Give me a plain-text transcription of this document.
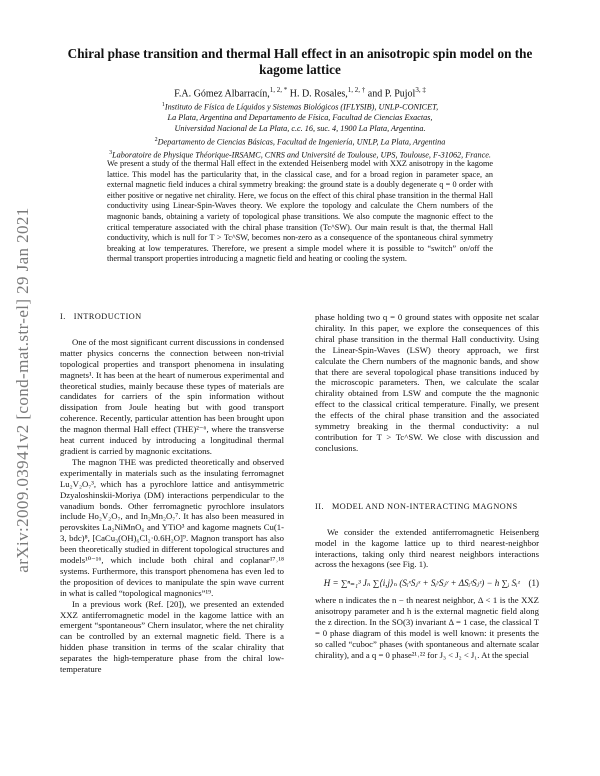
arXiv:2009.03941v2 [cond-mat.str-el] 29 Jan 2021
Chiral phase transition and thermal Hall effect in an anisotropic spin model on the kagome lattice

F.A. Gómez Albarracín,$^{1, 2, *}$ H. D. Rosales,$^{1, 2, \dagger}$ and P. Pujol$^{3, \ddagger}$

$^1$Instituto de Física de Líquidos y Sistemas Biológicos (IFLYSIB), UNLP-CONICET,
La Plata, Argentina and Departamento de Física, Facultad de Ciencias Exactas,
Universidad Nacional de La Plata, c.c. 16, suc. 4, 1900 La Plata, Argentina.
$^2$Departamento de Ciencias Básicas, Facultad de Ingeniería, UNLP, La Plata, Argentina
$^3$Laboratoire de Physique Théorique-IRSAMC, CNRS and Université de Toulouse, UPS, Toulouse, F-31062, France.

We present a study of the thermal Hall effect in the extended Heisenberg model with XXZ anisotropy in the kagome lattice. This model has the particularity that, in the classical case, and for a broad region in parameter space, an external magnetic field induces a chiral symmetry breaking: the ground state is a doubly degenerate q = 0 order with either positive or negative net chirality. Here, we focus on the effect of this chiral phase transition in the thermal Hall conductivity using Linear-Spin-Waves theory. We explore the topology and calculate the Chern numbers of the magnonic bands, obtaining a variety of topological phase transitions. We also compute the magnonic effect to the critical temperature associated with the chiral phase transition (Tc^SW). Our main result is that, the thermal Hall conductivity, which is null for T > Tc^SW, becomes non-zero as a consequence of the spontaneous chiral symmetry breaking at low temperatures. Therefore, we present a simple model where it is possible to “switch” on/off the thermal transport properties introducing a magnetic field and heating or cooling the system.

I. INTRODUCTION

One of the most significant current discussions in condensed matter physics concerns the connection between non-trivial topological properties and transport phenomena in insulating magnets¹. It has been at the heart of numerous experimental and theoretical studies, mainly because these types of materials are candidates for carriers of the spin information without dissipation from Joule heating but with good transport coherence. Recently, particular attention has been brought upon the magnon thermal Hall effect (THE)²⁻⁶, where the transverse heat current induced by introducing a longitudinal thermal gradient is carried by magnonic excitations.

The magnon THE was predicted theoretically and observed experimentally in materials such as the insulating ferromagnet Lu₂V₂O₇³, which has a pyrochlore lattice and antisymmetric Dzyaloshinskii-Moriya (DM) interactions perpendicular to the vanadium bonds. Other ferromagnetic pyrochlore insulators include Ho₂V₂O₇, and In₂Mn₂O₇⁷. It has also been measured in perovskites La₂NiMnO₆ and YTiO³ and kagome magnets Cu(1-3, bdc)⁸, [CaCu₃(OH)₆Cl₂·0.6H₂O]⁹. Magnon transport has also been theoretically studied in different topological structures and models¹⁰⁻¹⁶, which include both chiral and coplanar¹⁷˒¹⁸ systems. Furthermore, this transport phenomena has even led to the proposition of devices to manipulate the spin wave current in what is called “topological magnonics”¹⁹.

In a previous work (Ref. [20]), we presented an extended XXZ antiferromagnetic model in the kagome lattice with an emergent “spontaneous” Chern insulator, where the net chirality can be controlled by an external magnetic field. There is a hidden phase transition in terms of the scalar chirality that separates the high-temperature phase from the chiral low-temperature

phase holding two q = 0 ground states with opposite net scalar chirality. In this paper, we explore the consequences of this chiral phase transition in the thermal Hall conductivity. Using the Linear-Spin-Waves (LSW) theory approach, we first calculate the Chern numbers of the magnonic bands, and show that there are several topological phase transitions induced by the microscopic parameters. Then, we calculate the scalar chirality obtained from LSW and compute the the magnonic effect to the classical critical temperature. Finally, we present the effects of the chiral phase transition and the associated symmetry breaking in the thermal conductivity: a nul contribution for T > Tc^SW. We close with discussion and conclusions.

II. MODEL AND NON-INTERACTING MAGNONS

We consider the extended antiferromagnetic Heisenberg model in the kagome lattice up to third nearest-neighbor interactions, taking only third nearest neighbors interactions across the hexagons (see Fig. 1).

H = ∑ⁿ₌₁³ Jₙ ∑⟨i,j⟩ₙ (SᵢˣSⱼˣ + SᵢʸSⱼʸ + ΔSᵢᶻSⱼᶻ) − h ∑ᵢ Sᵢᶻ (1)

where n indicates the n − th nearest neighbor, Δ < 1 is the XXZ anisotropy parameter and h is the external magnetic field along the z direction. In the SO(3) invariant Δ = 1 case, the classical T = 0 phase diagram of this model is well known: it presents the so called “cuboc” phases (with spontaneous and alternate scalar chirality), and a q = 0 phase²¹˒²² for J₃ < J₂ < J₁. At the special
